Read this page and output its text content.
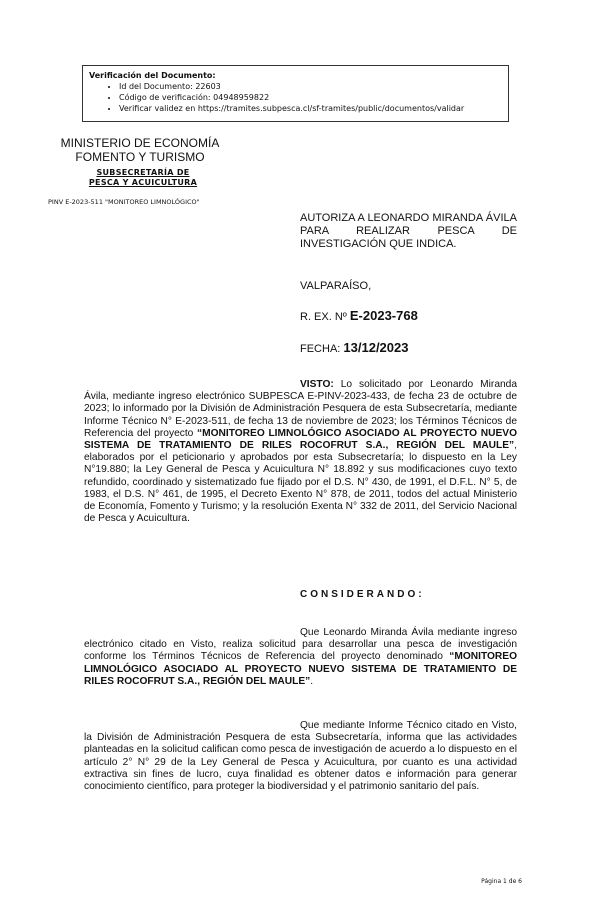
Verificación del Documento:
• Id del Documento: 22603
• Código de verificación: 04948959822
• Verificar validez en https://tramites.subpesca.cl/sf-tramites/public/documentos/validar
MINISTERIO DE ECONOMÍA
FOMENTO Y TURISMO
SUBSECRETARÍA DE PESCA Y ACUICULTURA
PINV E-2023-511 "MONITOREO LIMNOLÓGICO"
AUTORIZA A LEONARDO MIRANDA ÁVILA PARA REALIZAR PESCA DE INVESTIGACIÓN QUE INDICA.
VALPARAÍSO,
R. EX. Nº E-2023-768
FECHA: 13/12/2023
VISTO: Lo solicitado por Leonardo Miranda Ávila, mediante ingreso electrónico SUBPESCA E-PINV-2023-433, de fecha 23 de octubre de 2023; lo informado por la División de Administración Pesquera de esta Subsecretaría, mediante Informe Técnico N° E-2023-511, de fecha 13 de noviembre de 2023; los Términos Técnicos de Referencia del proyecto “MONITOREO LIMNOLÓGICO ASOCIADO AL PROYECTO NUEVO SISTEMA DE TRATAMIENTO DE RILES ROCOFRUT S.A., REGIÓN DEL MAULE”, elaborados por el peticionario y aprobados por esta Subsecretaría; lo dispuesto en la Ley N°19.880; la Ley General de Pesca y Acuicultura N° 18.892 y sus modificaciones cuyo texto refundido, coordinado y sistematizado fue fijado por el D.S. N° 430, de 1991, el D.F.L. N° 5, de 1983, el D.S. N° 461, de 1995, el Decreto Exento N° 878, de 2011, todos del actual Ministerio de Economía, Fomento y Turismo; y la resolución Exenta N° 332 de 2011, del Servicio Nacional de Pesca y Acuicultura.
CONSIDERANDO:
Que Leonardo Miranda Ávila mediante ingreso electrónico citado en Visto, realiza solicitud para desarrollar una pesca de investigación conforme los Términos Técnicos de Referencia del proyecto denominado “MONITOREO LIMNOLÓGICO ASOCIADO AL PROYECTO NUEVO SISTEMA DE TRATAMIENTO DE RILES ROCOFRUT S.A., REGIÓN DEL MAULE”.
Que mediante Informe Técnico citado en Visto, la División de Administración Pesquera de esta Subsecretaría, informa que las actividades planteadas en la solicitud califican como pesca de investigación de acuerdo a lo dispuesto en el artículo 2° N° 29 de la Ley General de Pesca y Acuicultura, por cuanto es una actividad extractiva sin fines de lucro, cuya finalidad es obtener datos e información para generar conocimiento científico, para proteger la biodiversidad y el patrimonio sanitario del país.
Página 1 de 6
